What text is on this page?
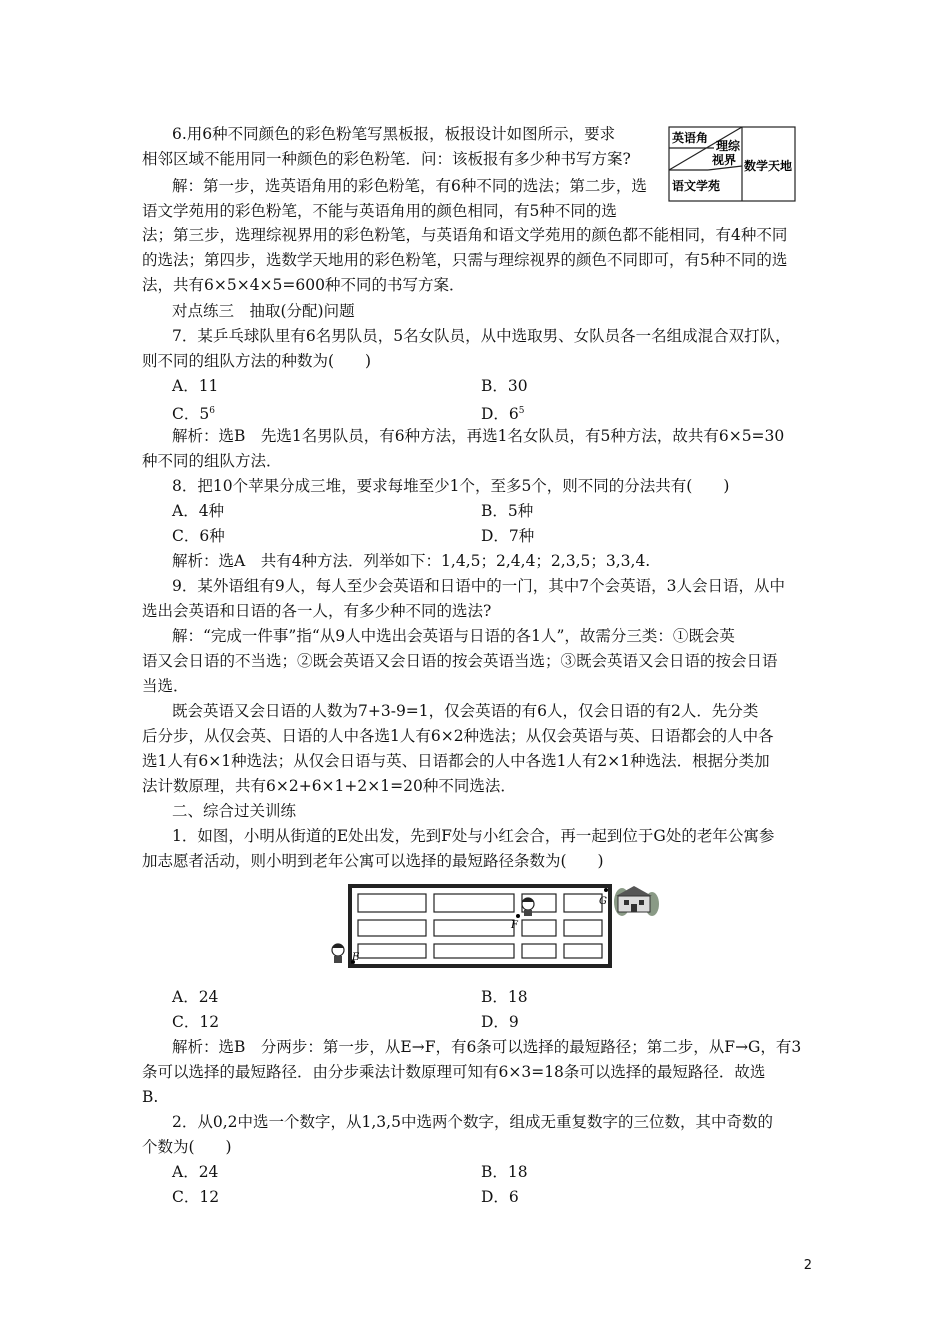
6.用6种不同颜色的彩色粉笔写黑板报，板报设计如图所示，要求
相邻区域不能用同一种颜色的彩色粉笔．问：该板报有多少种书写方案?
解：第一步，选英语角用的彩色粉笔，有6种不同的选法；第二步，选
语文学苑用的彩色粉笔，不能与英语角用的颜色相同，有5种不同的选
法；第三步，选理综视界用的彩色粉笔，与英语角和语文学苑用的颜色都不能相同，有4种不同
的选法；第四步，选数学天地用的彩色粉笔，只需与理综视界的颜色不同即可，有5种不同的选
法，共有6×5×4×5=600种不同的书写方案．
英语角
理综
视界 数学天地
语文学苑
对点练三　抽取(分配)问题
7．某乒乓球队里有6名男队员，5名女队员，从中选取男、女队员各一名组成混合双打队，
则不同的组队方法的种数为(　　)
A．11	B．30
C．$5^6$	D．$6^5$
解析：选B　先选1名男队员，有6种方法，再选1名女队员，有5种方法，故共有6×5=30
种不同的组队方法．
8．把10个苹果分成三堆，要求每堆至少1个，至多5个，则不同的分法共有(　　)
A．4种	B．5种
C．6种	D．7种
解析：选A　共有4种方法．列举如下：1,4,5；2,4,4；2,3,5；3,3,4.
9．某外语组有9人，每人至少会英语和日语中的一门，其中7个会英语，3人会日语，从中
选出会英语和日语的各一人，有多少种不同的选法?
解：“完成一件事”指“从9人中选出会英语与日语的各1人”，故需分三类：①既会英
语又会日语的不当选；②既会英语又会日语的按会英语当选；③既会英语又会日语的按会日语
当选．
既会英语又会日语的人数为7+3-9=1，仅会英语的有6人，仅会日语的有2人．先分类
后分步，从仅会英、日语的人中各选1人有6×2种选法；从仅会英语与英、日语都会的人中各
选1人有6×1种选法；从仅会日语与英、日语都会的人中各选1人有2×1种选法．根据分类加
法计数原理，共有6×2+6×1+2×1=20种不同选法．
二、综合过关训练
1．如图，小明从街道的E处出发，先到F处与小红会合，再一起到位于G处的老年公寓参
加志愿者活动，则小明到老年公寓可以选择的最短路径条数为(　　)
E
F
G
A．24	B．18
C．12	D．9
解析：选B　分两步：第一步，从E→F，有6条可以选择的最短路径；第二步，从F→G，有3
条可以选择的最短路径．由分步乘法计数原理可知有6×3=18条可以选择的最短路径．故选
B.
2．从0,2中选一个数字，从1,3,5中选两个数字，组成无重复数字的三位数，其中奇数的
个数为(　　)
A．24	B．18
C．12	D．6
2
